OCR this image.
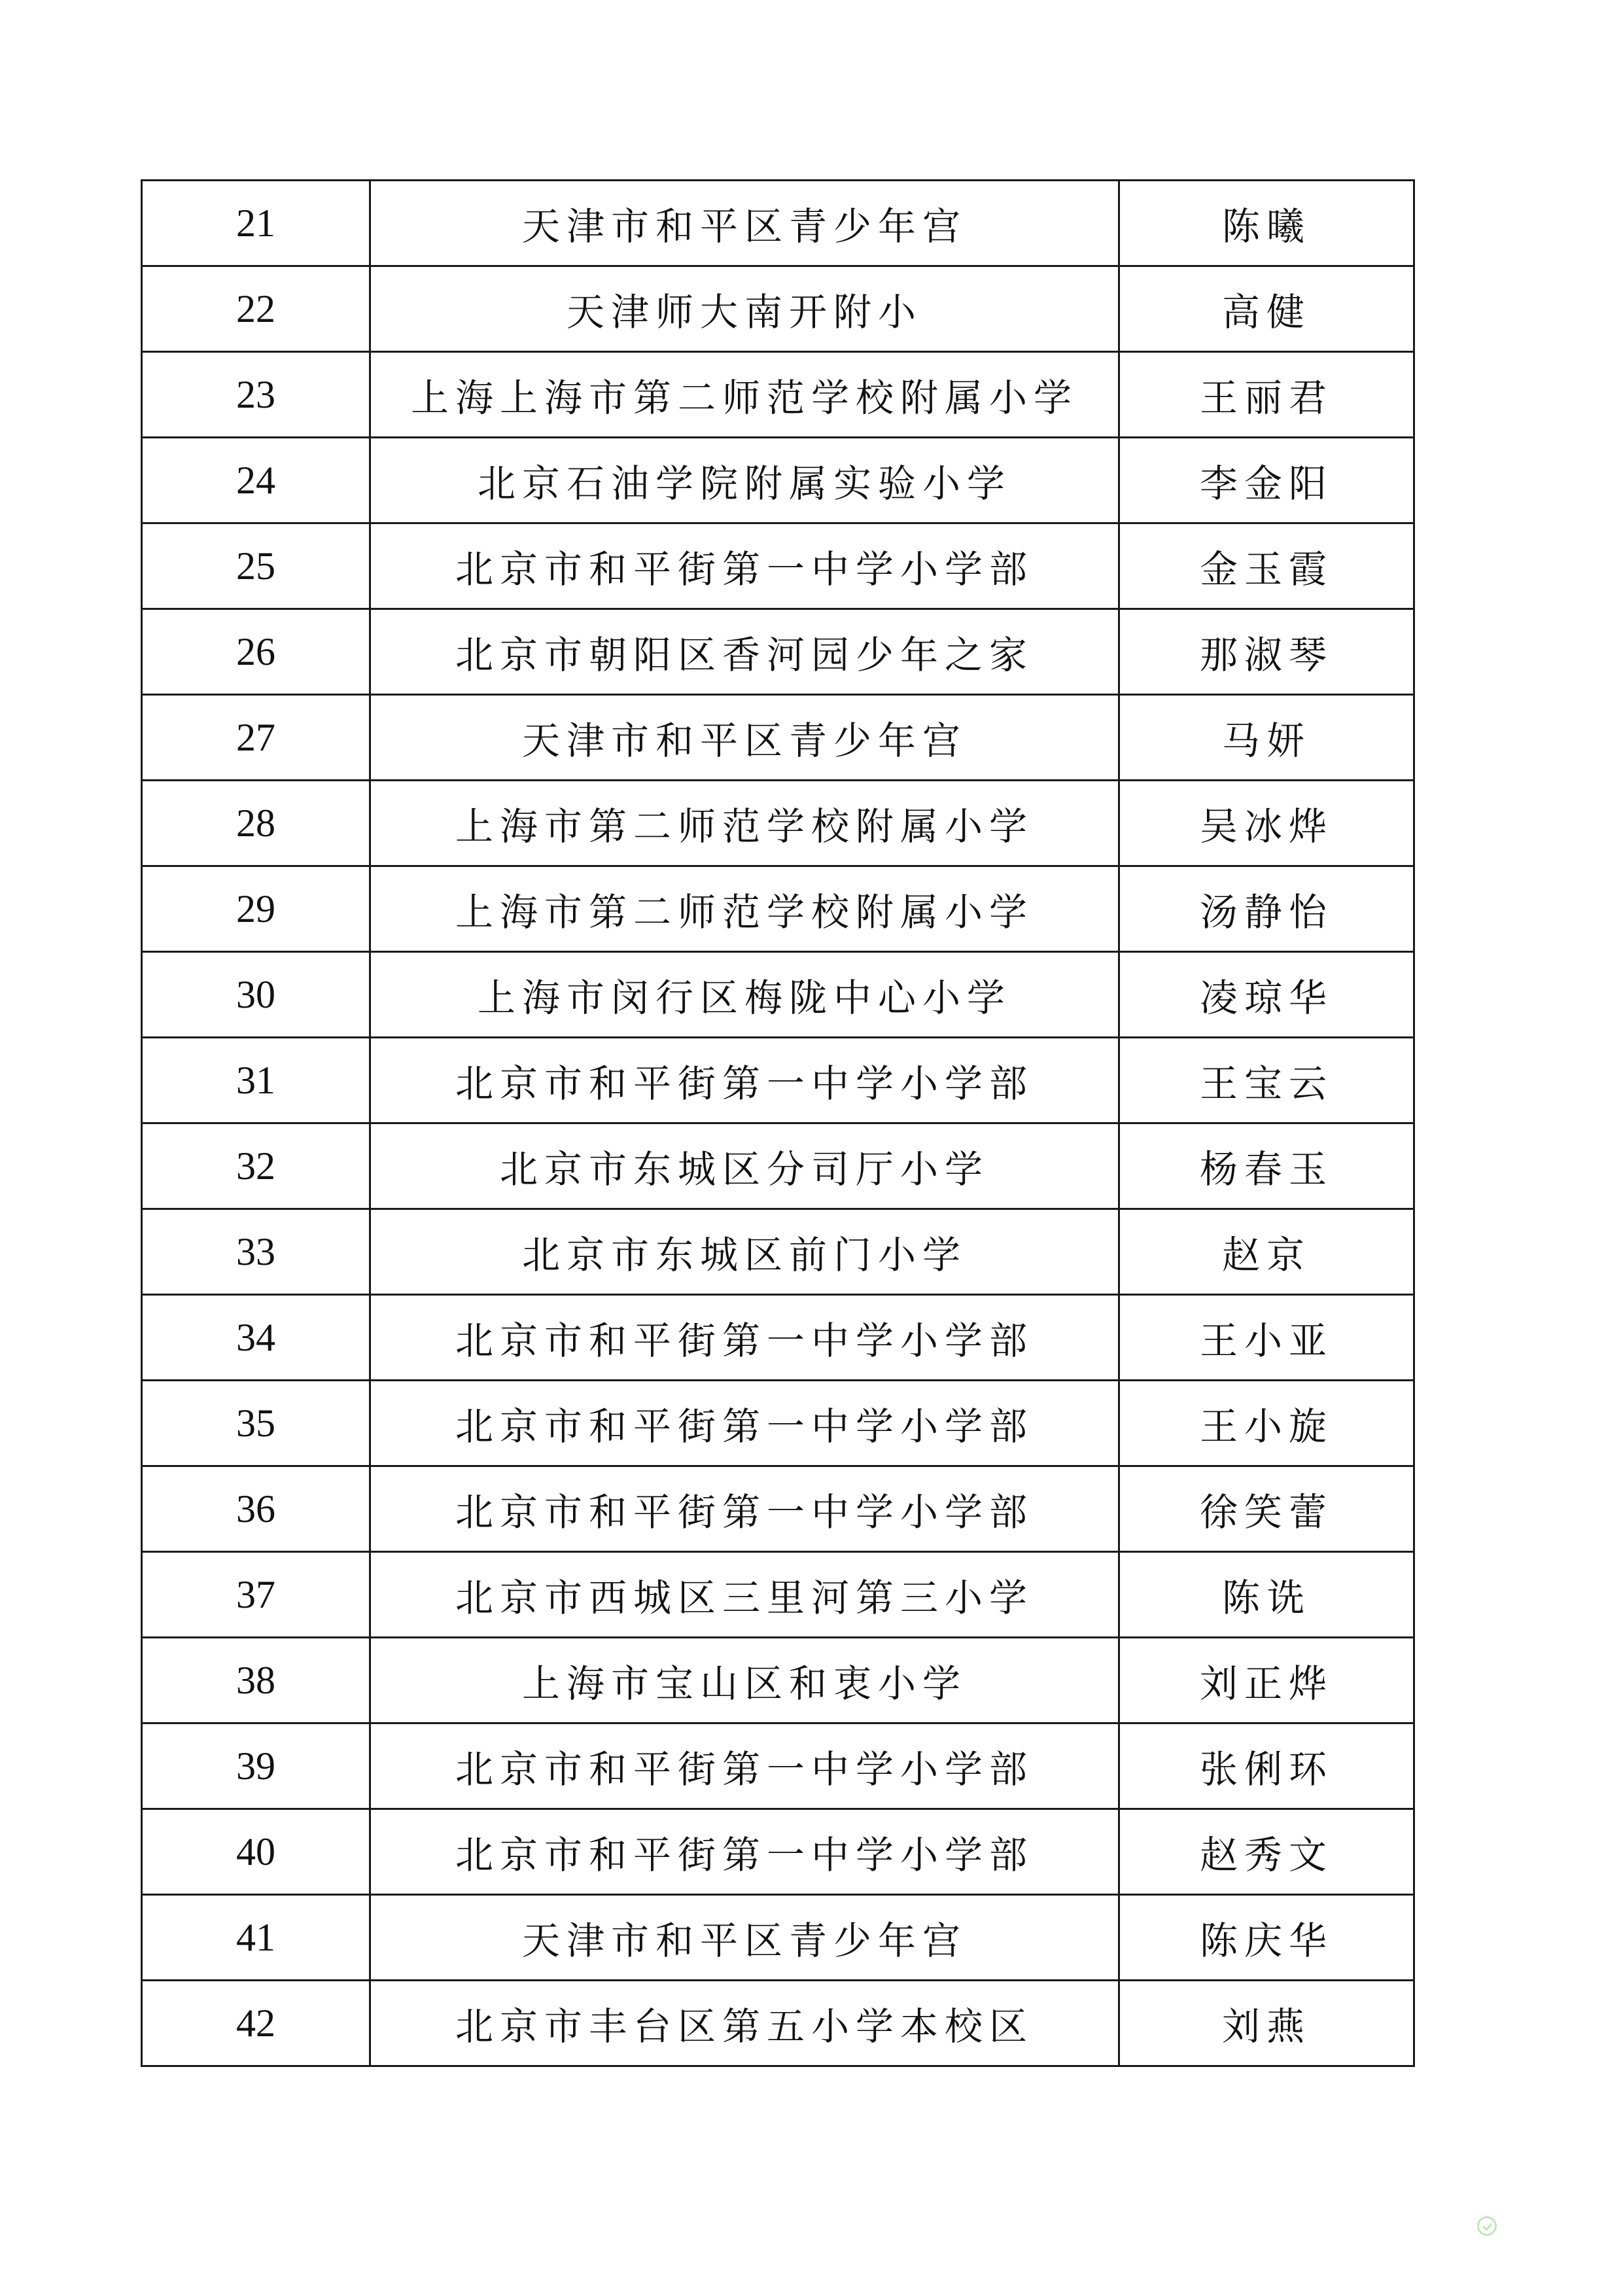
21	天津市和平区青少年宫	陈曦
22	天津师大南开附小	高健
23	上海上海市第二师范学校附属小学	王丽君
24	北京石油学院附属实验小学	李金阳
25	北京市和平街第一中学小学部	金玉霞
26	北京市朝阳区香河园少年之家	那淑琴
27	天津市和平区青少年宫	马妍
28	上海市第二师范学校附属小学	吴冰烨
29	上海市第二师范学校附属小学	汤静怡
30	上海市闵行区梅陇中心小学	凌琼华
31	北京市和平街第一中学小学部	王宝云
32	北京市东城区分司厅小学	杨春玉
33	北京市东城区前门小学	赵京
34	北京市和平街第一中学小学部	王小亚
35	北京市和平街第一中学小学部	王小旋
36	北京市和平街第一中学小学部	徐笑蕾
37	北京市西城区三里河第三小学	陈诜
38	上海市宝山区和衷小学	刘正烨
39	北京市和平街第一中学小学部	张俐环
40	北京市和平街第一中学小学部	赵秀文
41	天津市和平区青少年宫	陈庆华
42	北京市丰台区第五小学本校区	刘燕
